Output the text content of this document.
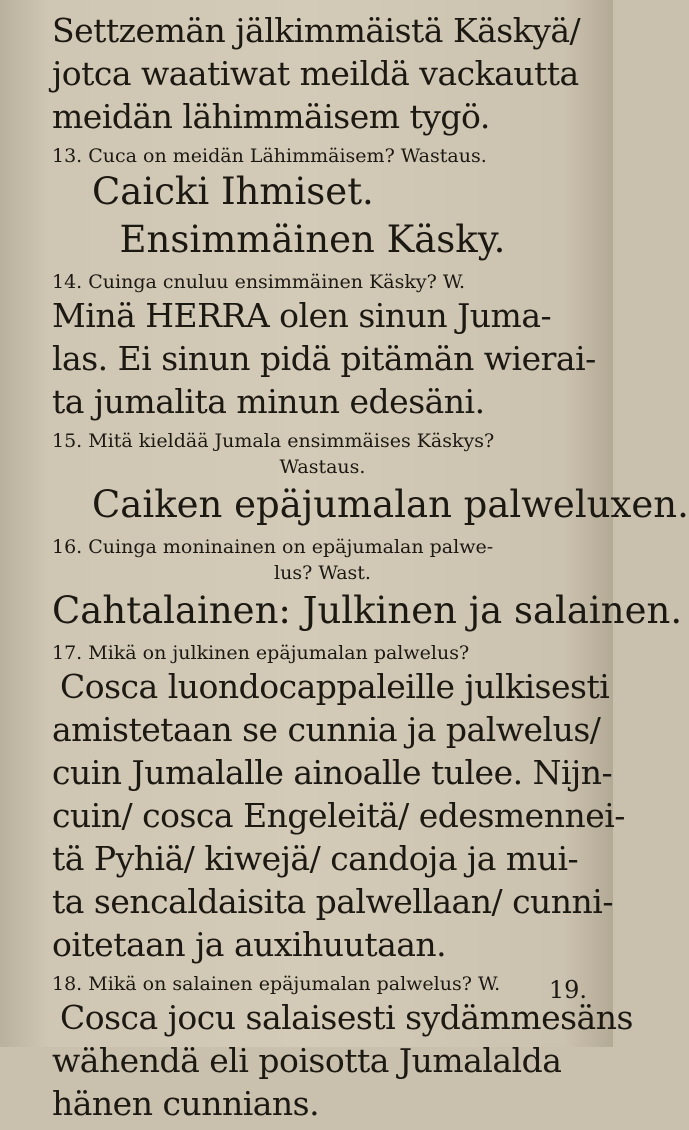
Settzemän jälkimmäistä Käskyä/
jotca waatiwat meildä vackautta
meidän lähimmäisem tygö.
13. Cuca on meidän Lähimmäisem? Wastaus.
Caicki Ihmiset.
Ensimmäinen Käsky.
14. Cuinga cnuluu ensimmäinen Käsky? W.
Minä HERRA olen sinun Juma-
las. Ei sinun pidä pitämän wierai-
ta jumalita minun edesäni.
15. Mitä kieldää Jumala ensimmäises Käskys?
Wastaus.
Caiken epäjumalan palweluxen.
16. Cuinga moninainen on epäjumalan palwe-
lus? Wast.
Cahtalainen: Julkinen ja salainen.
17. Mikä on julkinen epäjumalan palwelus?
Cosca luondocappaleille julkisesti
amistetaan se cunnia ja palwelus/
cuin Jumalalle ainoalle tulee. Nijn-
cuin/ cosca Engeleitä/ edesmennei-
tä Pyhiä/ kiwejä/ candoja ja mui-
ta sencaldaisita palwellaan/ cunni-
oitetaan ja auxihuutaan.
18. Mikä on salainen epäjumalan palwelus? W.
Cosca jocu salaisesti sydämmesäns
wähendä eli poisotta Jumalalda
hänen cunnians.
19.
